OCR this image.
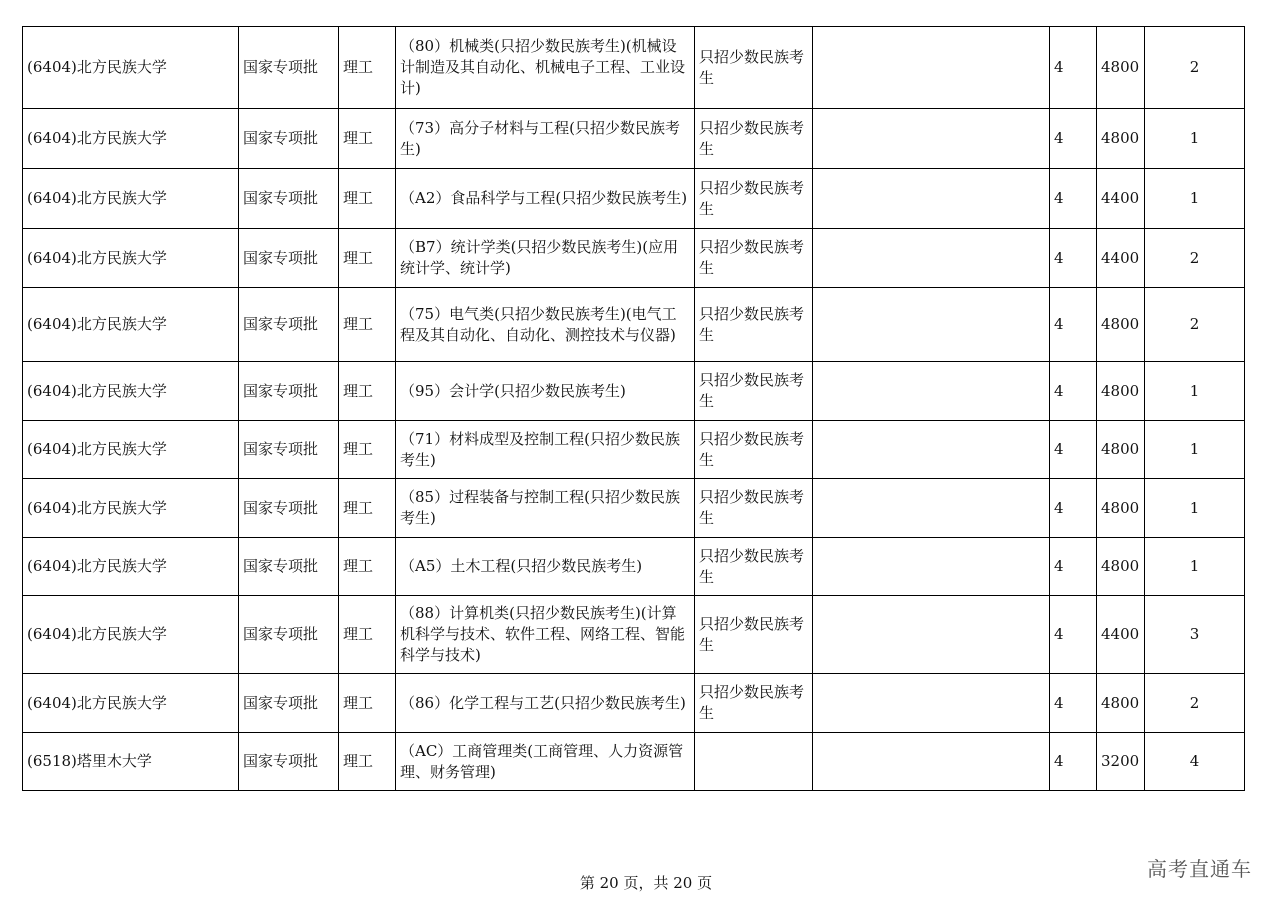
(6404)北方民族大学	国家专项批	理工	（80）机械类(只招少数民族考生)(机械设计制造及其自动化、机械电子工程、工业设计)	只招少数民族考生		4	4800	2
(6404)北方民族大学	国家专项批	理工	（73）高分子材料与工程(只招少数民族考生)	只招少数民族考生		4	4800	1
(6404)北方民族大学	国家专项批	理工	（A2）食品科学与工程(只招少数民族考生)	只招少数民族考生		4	4400	1
(6404)北方民族大学	国家专项批	理工	（B7）统计学类(只招少数民族考生)(应用统计学、统计学)	只招少数民族考生		4	4400	2
(6404)北方民族大学	国家专项批	理工	（75）电气类(只招少数民族考生)(电气工程及其自动化、自动化、测控技术与仪器)	只招少数民族考生		4	4800	2
(6404)北方民族大学	国家专项批	理工	（95）会计学(只招少数民族考生)	只招少数民族考生		4	4800	1
(6404)北方民族大学	国家专项批	理工	（71）材料成型及控制工程(只招少数民族考生)	只招少数民族考生		4	4800	1
(6404)北方民族大学	国家专项批	理工	（85）过程装备与控制工程(只招少数民族考生)	只招少数民族考生		4	4800	1
(6404)北方民族大学	国家专项批	理工	（A5）土木工程(只招少数民族考生)	只招少数民族考生		4	4800	1
(6404)北方民族大学	国家专项批	理工	（88）计算机类(只招少数民族考生)(计算机科学与技术、软件工程、网络工程、智能科学与技术)	只招少数民族考生		4	4400	3
(6404)北方民族大学	国家专项批	理工	（86）化学工程与工艺(只招少数民族考生)	只招少数民族考生		4	4800	2
(6518)塔里木大学	国家专项批	理工	（AC）工商管理类(工商管理、人力资源管理、财务管理)			4	3200	4
第 20 页，共 20 页
高考直通车
